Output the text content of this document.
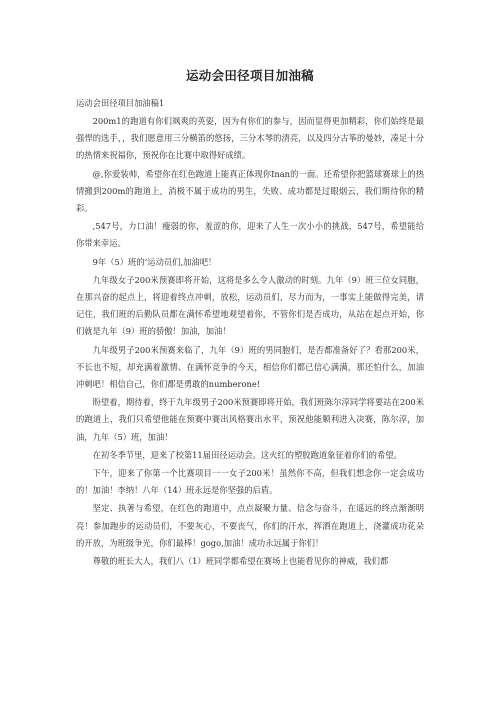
运动会田径项目加油稿
运动会田径项目加油稿1

200m1的跑道有你们飒爽的英姿，因为有你们的参与，因而显得更加精彩，你们始终是最强悍的选手，，我们愿意用三分横笛的悠扬，三分木琴的清亮，以及四分古筝的曼妙，凑足十分的热情来祝福你，预祝你在比赛中取得好成绩。

@,你爱装帅，希望你在红色跑道上能真正体现你Inan的一面。还希望你把篮球赛球上的热情搬到200m的跑道上，消极不属于成功的男生，失败、成功都是过眼烟云，我们期待你的精彩。

,547号，力口油！瘦弱的你，羞涩的你，迎来了人生一次小小的挑战，547号，希望能给你带来幸运。

9年（5）班的‘运动员们,加油吧！

九年级女子200米预赛即将开始，这将是多么令人激动的时刻。九年（9）班三位女同胞，在那兴奋的起点上，将迎着终点冲刺，放松，运动员们，尽力而为，一事实上能做得完美，请记住，我们班的后勤队员都在满怀希望地观望着你，不管你们是否成功，从站在起点开始，你们就是九年（9）班的骄傲！加油，加油！

九年级男子200米预赛来临了，九年（9）班的男同胞们，是否都准备好了？看那200米，不长也不短，却充满着激情、在满怀竞争的今天，相信你们都已信心满满，那还怕什么，加油冲刺吧！相信自己，你们都是勇敢的numberone!

盼望着，期待着，终于九年级男子200米预赛即将开始，我们班陈尔淳同学将要站在200米的跑道上，我们只希望他能在预赛中赛出风格赛出水平，预祝他能顺利进入决赛，陈尔淳，加油，九年（5）班，加油！

在初冬季节里，迎来了校第11届田径运动会。这火红的塑胶跑道象征着你们的希望。

下午，迎来了你第一个比赛项目一一女子200米！虽然你不高，但我们想念你一定会成功的！加油！李纳！八年（14）班永远是你坚强的后盾。

坚定、执著与希望，在红色的跑道中，点点凝聚力量、信念与奋斗，在遥远的终点渐渐明亮！参加跑步的运动员们，不要灰心，不要丧气，你们的汗水，挥洒在跑道上，浇灌成功花朵的开放，为班级争光，你们最棒！gogo,加油！成功永远属于你们！

尊敬的班长大人，我们八（1）班同学都希望在赛场上也能看见你的神威，我们都
